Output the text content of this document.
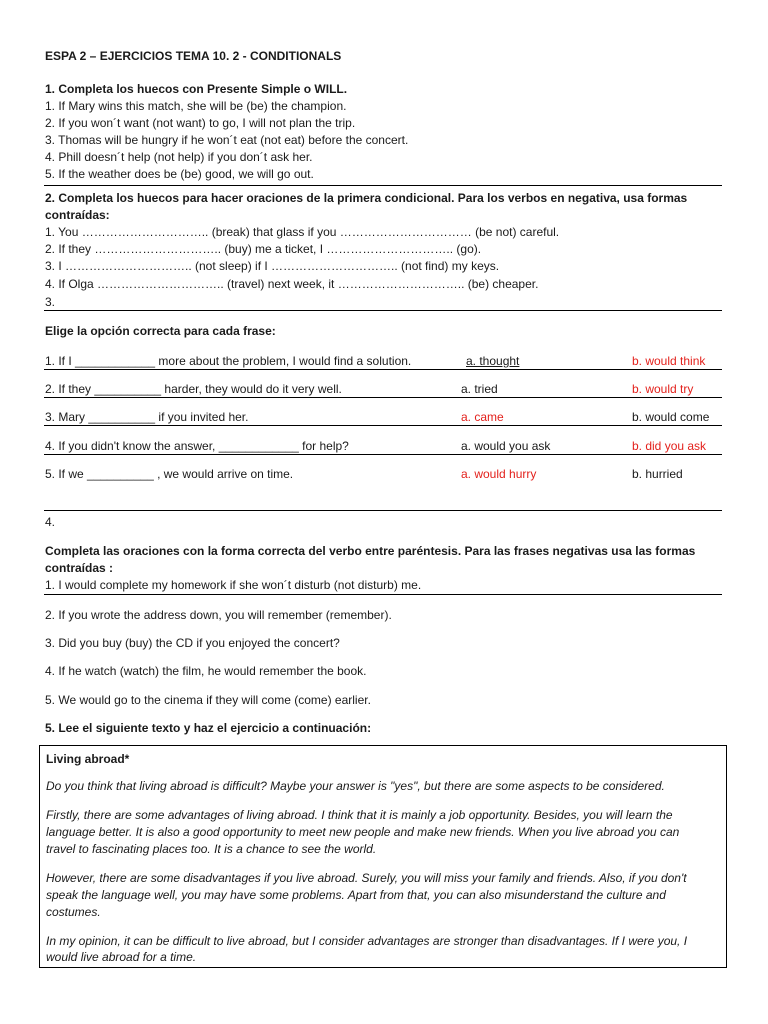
ESPA 2 – EJERCICIOS TEMA 10. 2 - CONDITIONALS
1. Completa los huecos con Presente Simple o WILL.
1. If Mary wins this match, she will be (be) the champion.
2. If you won´t want (not want) to go, I will not plan the trip.
3. Thomas will be hungry if he won´t eat (not eat) before the concert.
4. Phill doesn´t help (not help) if you don´t ask her.
5. If the weather does be (be) good, we will go out.
2. Completa los huecos para hacer oraciones de la primera condicional. Para los verbos en negativa, usa formas
contraídas:
1. You ………………………….. (break) that glass if you …………………………… (be not) careful.
2. If they ………………………….. (buy) me a ticket, I ………………………….. (go).
3. I ………………………….. (not sleep) if I ………………………….. (not find) my keys.
4. If Olga ………………………….. (travel) next week, it ………………………….. (be) cheaper.
3.
Elige la opción correcta para cada frase:
1. If I ____________ more about the problem, I would find a solution.	a. thought	b. would think
2. If they __________ harder, they would do it very well.	a. tried	b. would try
3. Mary __________ if you invited her.	a. came	b. would come
4. If you didn't know the answer, ____________ for help?	a. would you ask	b. did you ask
5. If we __________ , we would arrive on time.	a. would hurry	b. hurried
4.
Completa las oraciones con la forma correcta del verbo entre paréntesis. Para las frases negativas usa las formas
contraídas :
1. I would complete my homework if she won´t disturb (not disturb) me.
2. If you wrote the address down, you will remember (remember).
3. Did you buy (buy) the CD if you enjoyed the concert?
4. If he watch (watch) the film, he would remember the book.
5. We would go to the cinema if they will come (come) earlier.
5. Lee el siguiente texto y haz el ejercicio a continuación:
Living abroad*
Do you think that living abroad is difficult? Maybe your answer is "yes", but there are some aspects to be considered.
Firstly, there are some advantages of living abroad. I think that it is mainly a job opportunity. Besides, you will learn the
language better. It is also a good opportunity to meet new people and make new friends. When you live abroad you can
travel to fascinating places too. It is a chance to see the world.
However, there are some disadvantages if you live abroad. Surely, you will miss your family and friends. Also, if you don't
speak the language well, you may have some problems. Apart from that, you can also misunderstand the culture and
costumes.
In my opinion, it can be difficult to live abroad, but I consider advantages are stronger than disadvantages. If I were you, I
would live abroad for a time.
